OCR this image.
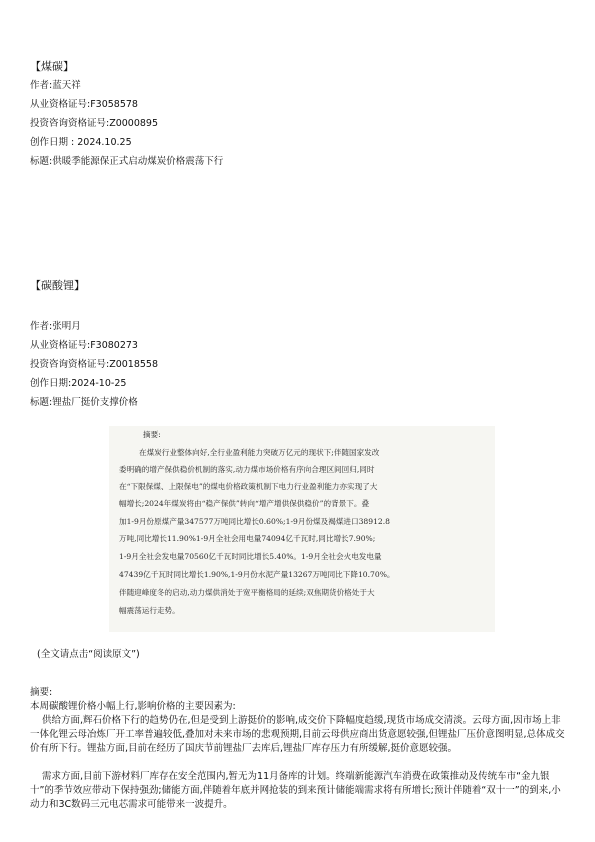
【煤碳】
作者:蓝天祥
从业资格证号:F3058578
投资咨询资格证号:Z0000895
创作日期 : 2024.10.25
标题:供暖季能源保正式启动煤炭价格震荡下行
【碳酸锂】
作者:张明月
从业资格证号:F3080273
投资咨询资格证号:Z0018558
创作日期:2024-10-25
标题:锂盐厂挺价支撑价格
摘要:
在煤炭行业整体向好,全行业盈利能力突破万亿元的现状下;伴随国家发改
委明确的增产保供稳价机制的落实,动力煤市场价格有序向合理区间回归,同时
在“下限保煤、上限保电”的煤电价格政策机制下电力行业盈利能力亦实现了大
幅增长;2024年煤炭将由“稳产保供”转向“增产增供保供稳价”的背景下。叠
加1-9月份原煤产量347577万吨同比增长0.60%;1-9月份煤及褐煤进口38912.8
万吨,同比增长11.90%1-9月全社会用电量74094亿千瓦时,同比增长7.90%;
1-9月全社会发电量70560亿千瓦时同比增长5.40%。1-9月全社会火电发电量
47439亿千瓦时同比增长1.90%,1-9月份水泥产量13267万吨同比下降10.70%。
伴随迎峰度冬的启动,动力煤供消处于宽平衡格局的延续;双焦期货价格处于大
幅震荡运行走势。
(全文请点击“阅读原文”)
摘要:
本周碳酸锂价格小幅上行,影响价格的主要因素为:
供给方面,辉石价格下行的趋势仍在,但是受到上游挺价的影响,成交价下降幅度趋缓,现货市场成交清淡。云母方面,因市场上非一体化锂云母冶炼厂开工率普遍较低,叠加对未来市场的悲观预期,目前云母供应商出货意愿较强,但锂盐厂压价意图明显,总体成交价有所下行。锂盐方面,目前在经历了国庆节前锂盐厂去库后,锂盐厂库存压力有所缓解,挺价意愿较强。
需求方面,目前下游材料厂库存在安全范围内,暂无为11月备库的计划。终端新能源汽车消费在政策推动及传统车市“金九银十”的季节效应带动下保持强劲;储能方面,伴随着年底并网抢装的到来预计储能端需求将有所增长;预计伴随着“双十一”的到来,小动力和3C数码三元电芯需求可能带来一波提升。
